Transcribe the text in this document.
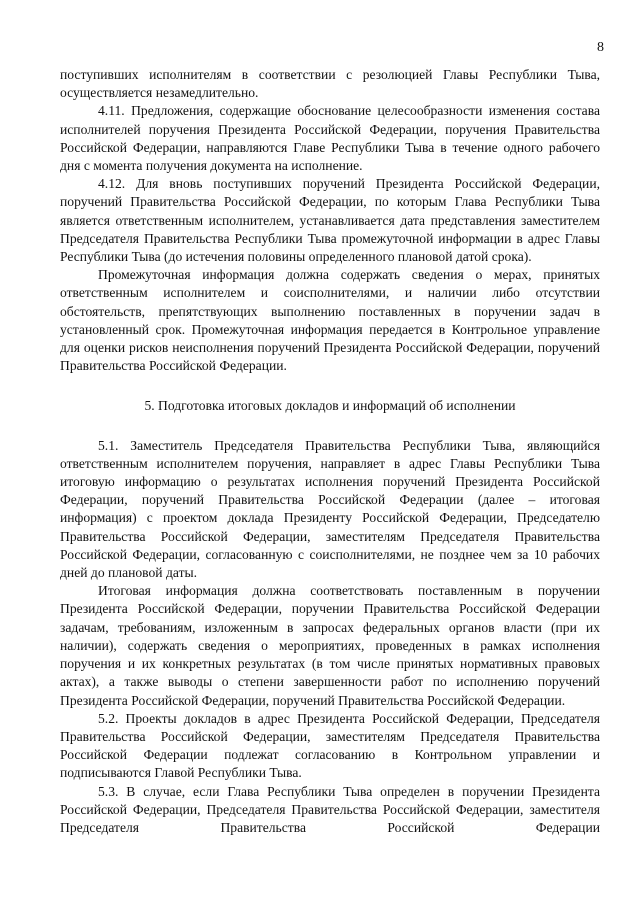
8

поступивших исполнителям в соответствии с резолюцией Главы Республики Тыва, осуществляется незамедлительно.

4.11. Предложения, содержащие обоснование целесообразности изменения состава исполнителей поручения Президента Российской Федерации, поручения Правительства Российской Федерации, направляются Главе Республики Тыва в течение одного рабочего дня с момента получения документа на исполнение.

4.12. Для вновь поступивших поручений Президента Российской Федерации, поручений Правительства Российской Федерации, по которым Глава Республики Тыва является ответственным исполнителем, устанавливается дата представления заместителем Председателя Правительства Республики Тыва промежуточной информации в адрес Главы Республики Тыва (до истечения половины определенного плановой датой срока).

Промежуточная информация должна содержать сведения о мерах, принятых ответственным исполнителем и соисполнителями, и наличии либо отсутствии обстоятельств, препятствующих выполнению поставленных в поручении задач в установленный срок. Промежуточная информация передается в Контрольное управление для оценки рисков неисполнения поручений Президента Российской Федерации, поручений Правительства Российской Федерации.

5. Подготовка итоговых докладов и информаций об исполнении

5.1. Заместитель Председателя Правительства Республики Тыва, являющийся ответственным исполнителем поручения, направляет в адрес Главы Республики Тыва итоговую информацию о результатах исполнения поручений Президента Российской Федерации, поручений Правительства Российской Федерации (далее – итоговая информация) с проектом доклада Президенту Российской Федерации, Председателю Правительства Российской Федерации, заместителям Председателя Правительства Российской Федерации, согласованную с соисполнителями, не позднее чем за 10 рабочих дней до плановой даты.

Итоговая информация должна соответствовать поставленным в поручении Президента Российской Федерации, поручении Правительства Российской Федерации задачам, требованиям, изложенным в запросах федеральных органов власти (при их наличии), содержать сведения о мероприятиях, проведенных в рамках исполнения поручения и их конкретных результатах (в том числе принятых нормативных правовых актах), а также выводы о степени завершенности работ по исполнению поручений Президента Российской Федерации, поручений Правительства Российской Федерации.

5.2. Проекты докладов в адрес Президента Российской Федерации, Председателя Правительства Российской Федерации, заместителям Председателя Правительства Российской Федерации подлежат согласованию в Контрольном управлении и подписываются Главой Республики Тыва.

5.3. В случае, если Глава Республики Тыва определен в поручении Президента Российской Федерации, Председателя Правительства Российской Федерации, заместителя Председателя Правительства Российской Федерации
